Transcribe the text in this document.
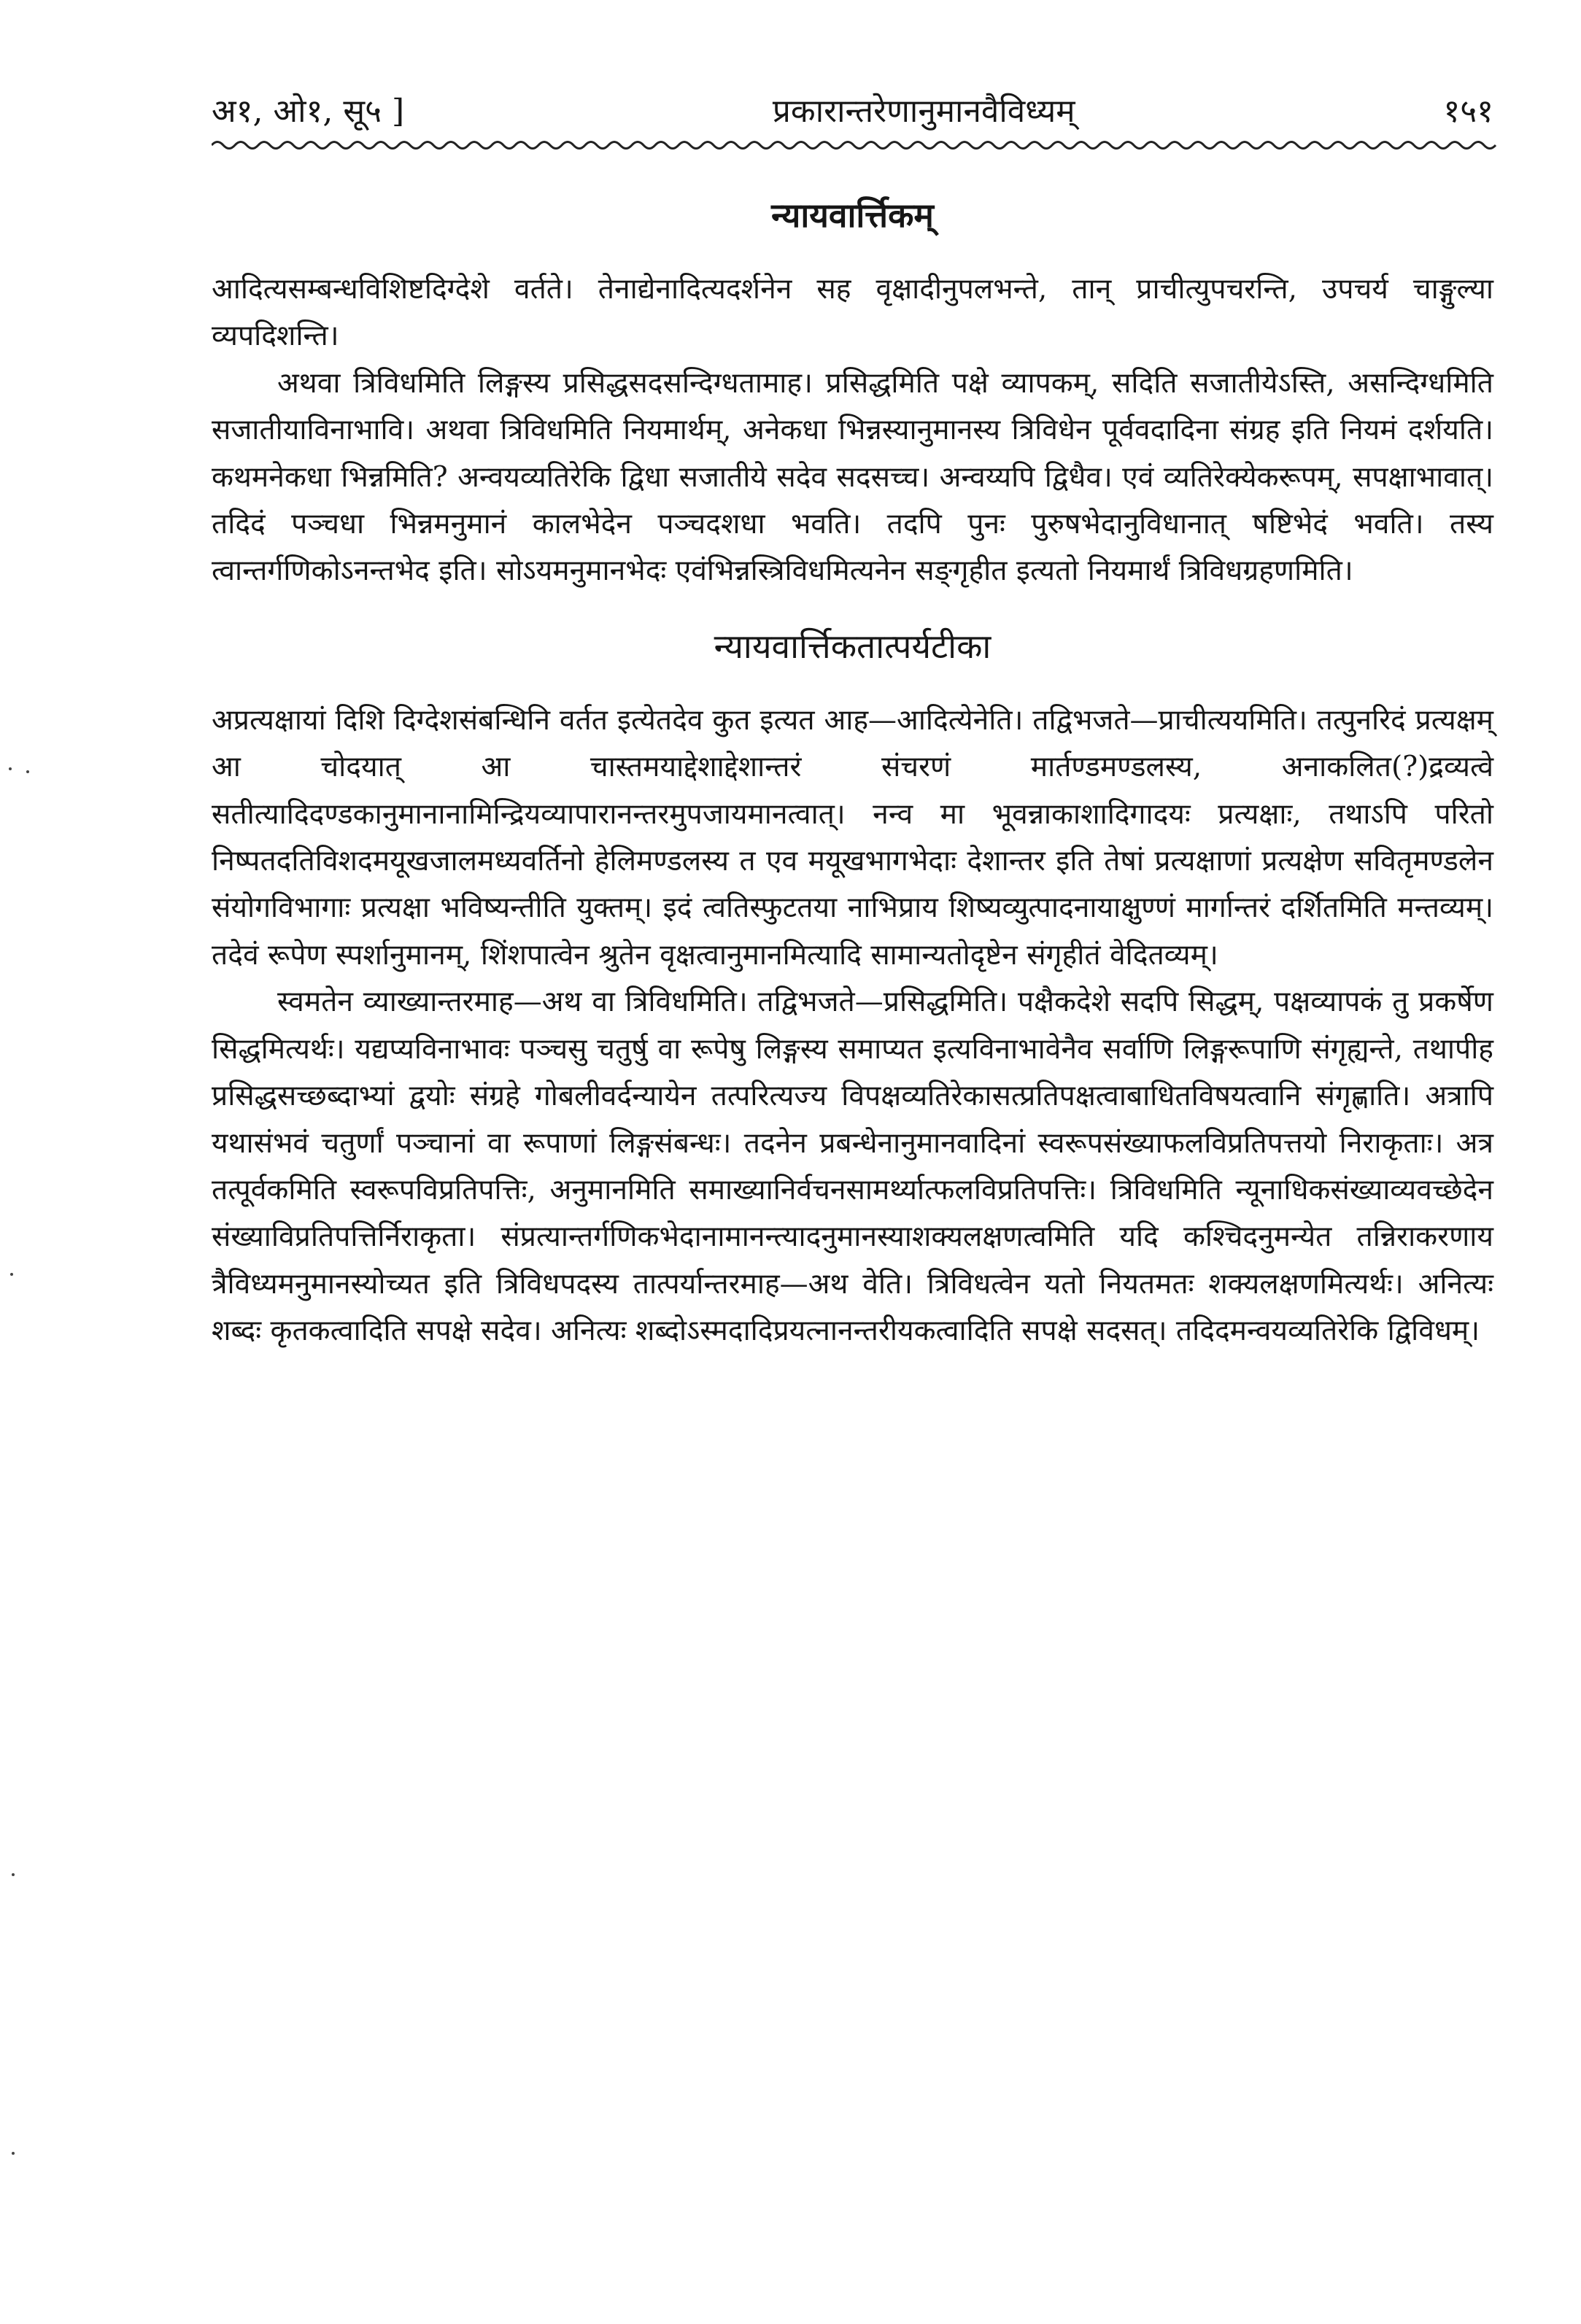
अ१, ओ१, सू५ ]	प्रकारान्तरेणानुमानवैविध्यम्	१५१
न्यायवार्त्तिकम्

आदित्यसम्बन्धविशिष्टदिग्देशे वर्तते। तेनाद्येनादित्यदर्शनेन सह वृक्षादीनुपलभन्ते, तान् प्राचीत्युपचरन्ति, उपचर्य चाङ्गुल्या व्यपदिशन्ति।

अथवा त्रिविधमिति लिङ्गस्य प्रसिद्धसदसन्दिग्धतामाह। प्रसिद्धमिति पक्षे व्यापकम्, सदिति सजातीयेऽस्ति, असन्दिग्धमिति सजातीयाविनाभावि। अथवा त्रिविधमिति नियमार्थम्, अनेकधा भिन्नस्यानुमानस्य त्रिविधेन पूर्ववदादिना संग्रह इति नियमं दर्शयति। कथमनेकधा भिन्नमिति? अन्वयव्यतिरेकि द्विधा सजातीये सदेव सदसच्च। अन्वय्यपि द्विधैव। एवं व्यतिरेक्येकरूपम्, सपक्षाभावात्। तदिदं पञ्चधा भिन्नमनुमानं कालभेदेन पञ्चदशधा भवति। तदपि पुनः पुरुषभेदानुविधानात् षष्टिभेदं भवति। तस्य त्वान्तर्गणिकोऽनन्तभेद इति। सोऽयमनुमानभेदः एवंभिन्नस्त्रिविधमित्यनेन सङ्गृहीत इत्यतो नियमार्थं त्रिविधग्रहणमिति।

न्यायवार्त्तिकतात्पर्यटीका

अप्रत्यक्षायां दिशि दिग्देशसंबन्धिनि वर्तत इत्येतदेव कुत इत्यत आह—आदित्येनेति। तद्विभजते—प्राचीत्ययमिति। तत्पुनरिदं प्रत्यक्षम् आ चोदयात् आ चास्तमयाद्देशाद्देशान्तरं संचरणं मार्तण्डमण्डलस्य, अनाकलित(?)द्रव्यत्वे सतीत्यादिदण्डकानुमानानामिन्द्रियव्यापारानन्तरमुपजायमानत्वात्। नन्व मा भूवन्नाकाशादिगादयः प्रत्यक्षाः, तथाऽपि परितो निष्पतदतिविशदमयूखजालमध्यवर्तिनो हेलिमण्डलस्य त एव मयूखभागभेदाः देशान्तर इति तेषां प्रत्यक्षाणां प्रत्यक्षेण सवितृमण्डलेन संयोगविभागाः प्रत्यक्षा भविष्यन्तीति युक्तम्। इदं त्वतिस्फुटतया नाभिप्राय शिष्यव्युत्पादनायाक्षुण्णं मार्गान्तरं दर्शितमिति मन्तव्यम्। तदेवं रूपेण स्पर्शानुमानम्, शिंशपात्वेन श्रुतेन वृक्षत्वानुमानमित्यादि सामान्यतोदृष्टेन संगृहीतं वेदितव्यम्।

स्वमतेन व्याख्यान्तरमाह—अथ वा त्रिविधमिति। तद्विभजते—प्रसिद्धमिति। पक्षैकदेशे सदपि सिद्धम्, पक्षव्यापकं तु प्रकर्षेण सिद्धमित्यर्थः। यद्यप्यविनाभावः पञ्चसु चतुर्षु वा रूपेषु लिङ्गस्य समाप्यत इत्यविनाभावेनैव सर्वाणि लिङ्गरूपाणि संगृह्यन्ते, तथापीह प्रसिद्धसच्छब्दाभ्यां द्वयोः संग्रहे गोबलीवर्दन्यायेन तत्परित्यज्य विपक्षव्यतिरेकासत्प्रतिपक्षत्वाबाधितविषयत्वानि संगृह्णाति। अत्रापि यथासंभवं चतुर्णां पञ्चानां वा रूपाणां लिङ्गसंबन्धः। तदनेन प्रबन्धेनानुमानवादिनां स्वरूपसंख्याफलविप्रतिपत्तयो निराकृताः। अत्र तत्पूर्वकमिति स्वरूपविप्रतिपत्तिः, अनुमानमिति समाख्यानिर्वचनसामर्थ्यात्फलविप्रतिपत्तिः। त्रिविधमिति न्यूनाधिकसंख्याव्यवच्छेदेन संख्याविप्रतिपत्तिर्निराकृता। संप्रत्यान्तर्गणिकभेदानामानन्त्यादनुमानस्याशक्यलक्षणत्वमिति यदि कश्चिदनुमन्येत तन्निराकरणाय त्रैविध्यमनुमानस्योच्यत इति त्रिविधपदस्य तात्पर्यान्तरमाह—अथ वेति। त्रिविधत्वेन यतो नियतमतः शक्यलक्षणमित्यर्थः। अनित्यः शब्दः कृतकत्वादिति सपक्षे सदेव। अनित्यः शब्दोऽस्मदादिप्रयत्नानन्तरीयकत्वादिति सपक्षे सदसत्। तदिदमन्वयव्यतिरेकि द्विविधम्।
